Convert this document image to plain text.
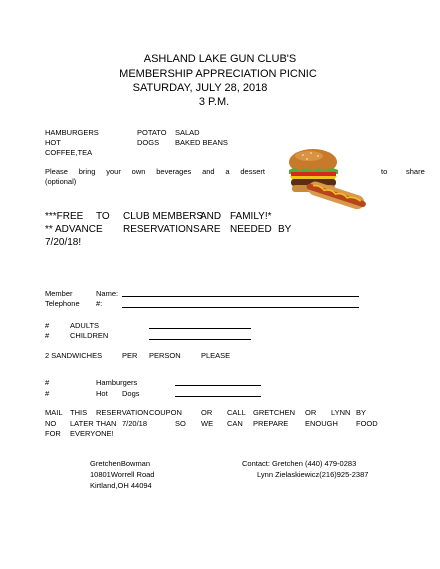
ASHLAND LAKE GUN CLUB'S
MEMBERSHIP APPRECIATION PICNIC
SATURDAY, JULY 28, 2018
3 P.M.
HAMBURGERS	POTATO SALAD
HOT	DOGS BAKED BEANS
COFFEE,TEA
Please bring your own beverages and a dessert	to share
(optional)
***FREE TO CLUB MEMBERS
AND FAMILY!*
** ADVANCE RESERVATIONS ARE NEEDED BY
7/20/18!
Member	Name:
Telephone #:
#	ADULTS
#	CHILDREN
2 SANDWICHES	PER PERSON	PLEASE
#	Hamburgers
#	Hot Dogs
MAIL THIS RESERVATION COUPON	OR CALL GRETCHEN OR LYNN BY
NO LATER THAN 7/20/18	SO WE CAN PREPARE ENOUGH FOOD
FOR EVERYONE!
GretchenBowman
10801Worrell Road
Kirtland,OH 44094
Contact: Gretchen (440) 479-0283
Lynn Zielaskiewicz(216)925-2387
